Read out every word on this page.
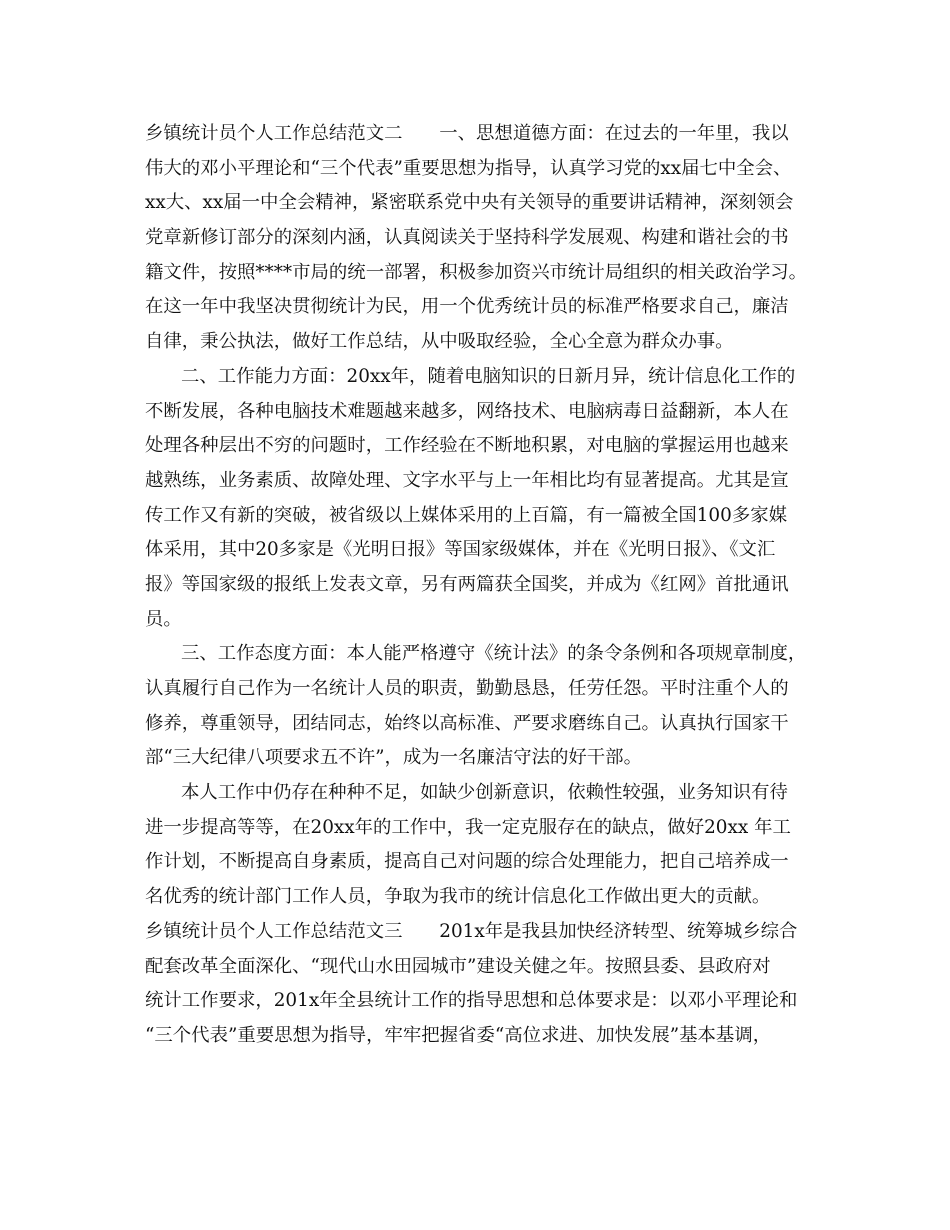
乡镇统计员个人工作总结范文二　　一、思想道德方面：在过去的一年里，我以
伟大的邓小平理论和“三个代表”重要思想为指导，认真学习党的xx届七中全会、
xx大、xx届一中全会精神，紧密联系党中央有关领导的重要讲话精神，深刻领会
党章新修订部分的深刻内涵，认真阅读关于坚持科学发展观、构建和谐社会的书
籍文件，按照****市局的统一部署，积极参加资兴市统计局组织的相关政治学习。
在这一年中我坚决贯彻统计为民，用一个优秀统计员的标准严格要求自己，廉洁
自律，秉公执法，做好工作总结，从中吸取经验，全心全意为群众办事。
二、工作能力方面：20xx年，随着电脑知识的日新月异，统计信息化工作的
不断发展，各种电脑技术难题越来越多，网络技术、电脑病毒日益翻新，本人在
处理各种层出不穷的问题时，工作经验在不断地积累，对电脑的掌握运用也越来
越熟练，业务素质、故障处理、文字水平与上一年相比均有显著提高。尤其是宣
传工作又有新的突破，被省级以上媒体采用的上百篇，有一篇被全国100多家媒
体采用，其中20多家是《光明日报》等国家级媒体，并在《光明日报》、《文汇
报》等国家级的报纸上发表文章，另有两篇获全国奖，并成为《红网》首批通讯
员。
三、工作态度方面：本人能严格遵守《统计法》的条令条例和各项规章制度，
认真履行自己作为一名统计人员的职责，勤勤恳恳，任劳任怨。平时注重个人的
修养，尊重领导，团结同志，始终以高标准、严要求磨练自己。认真执行国家干
部“三大纪律八项要求五不许”，成为一名廉洁守法的好干部。
本人工作中仍存在种种不足，如缺少创新意识，依赖性较强，业务知识有待
进一步提高等等，在20xx年的工作中，我一定克服存在的缺点，做好20xx 年工
作计划，不断提高自身素质，提高自己对问题的综合处理能力，把自己培养成一
名优秀的统计部门工作人员，争取为我市的统计信息化工作做出更大的贡献。
乡镇统计员个人工作总结范文三　　201x年是我县加快经济转型、统筹城乡综合
配套改革全面深化、“现代山水田园城市”建设关健之年。按照县委、县政府对
统计工作要求，201x年全县统计工作的指导思想和总体要求是：以邓小平理论和
“三个代表”重要思想为指导，牢牢把握省委“高位求进、加快发展”基本基调，
